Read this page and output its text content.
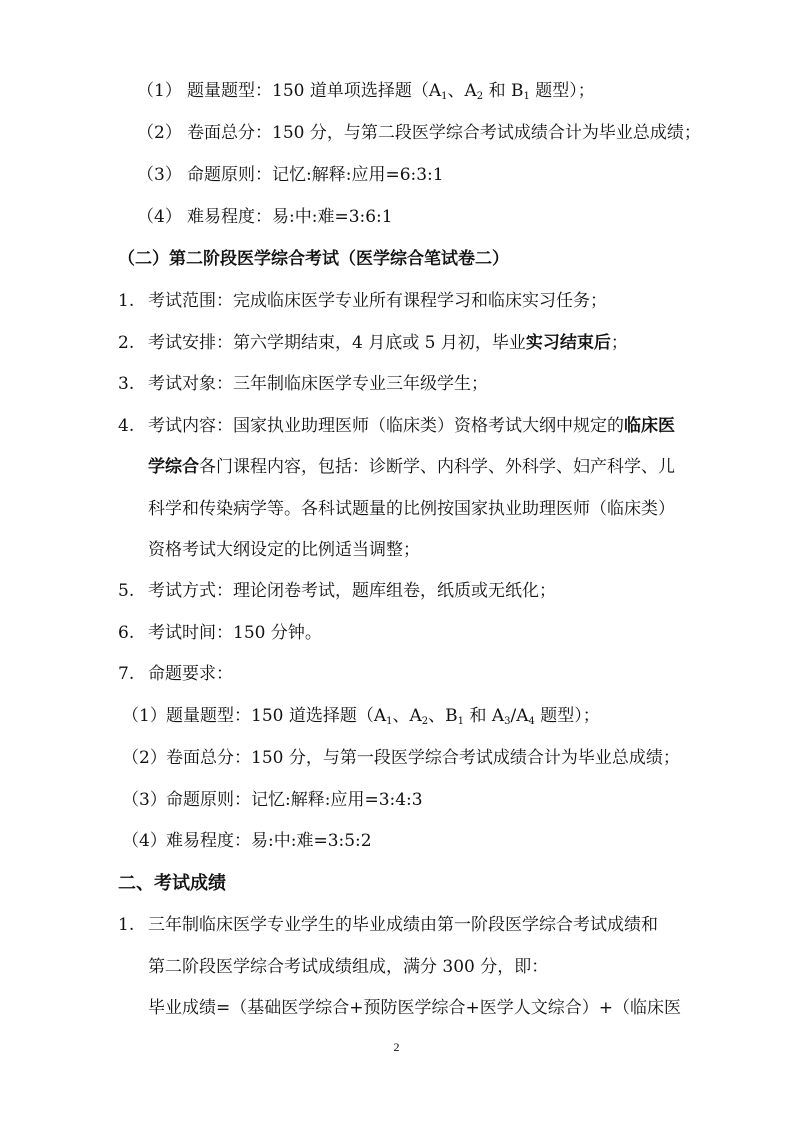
（1） 题量题型：150 道单项选择题（$A_1$、$A_2$ 和 $B_1$ 题型）；
（2） 卷面总分：150 分，与第二段医学综合考试成绩合计为毕业总成绩；
（3） 命题原则：记忆:解释:应用=6:3:1
（4） 难易程度：易:中:难=3:6:1
（二）第二阶段医学综合考试（医学综合笔试卷二）
1. 考试范围：完成临床医学专业所有课程学习和临床实习任务；
2. 考试安排：第六学期结束，4 月底或 5 月初，毕业实习结束后；
3. 考试对象：三年制临床医学专业三年级学生；
4. 考试内容：国家执业助理医师（临床类）资格考试大纲中规定的临床医
学综合各门课程内容，包括：诊断学、内科学、外科学、妇产科学、儿
科学和传染病学等。各科试题量的比例按国家执业助理医师（临床类）
资格考试大纲设定的比例适当调整；
5. 考试方式：理论闭卷考试，题库组卷，纸质或无纸化；
6. 考试时间：150 分钟。
7. 命题要求：
（1）题量题型：150 道选择题（$A_1$、$A_2$、$B_1$ 和 $A_3/A_4$ 题型）；
（2）卷面总分：150 分，与第一段医学综合考试成绩合计为毕业总成绩；
（3）命题原则：记忆:解释:应用=3:4:3
（4）难易程度：易:中:难=3:5:2
二、考试成绩
1. 三年制临床医学专业学生的毕业成绩由第一阶段医学综合考试成绩和
第二阶段医学综合考试成绩组成，满分 300 分，即：
毕业成绩=（基础医学综合+预防医学综合+医学人文综合）+（临床医
2
